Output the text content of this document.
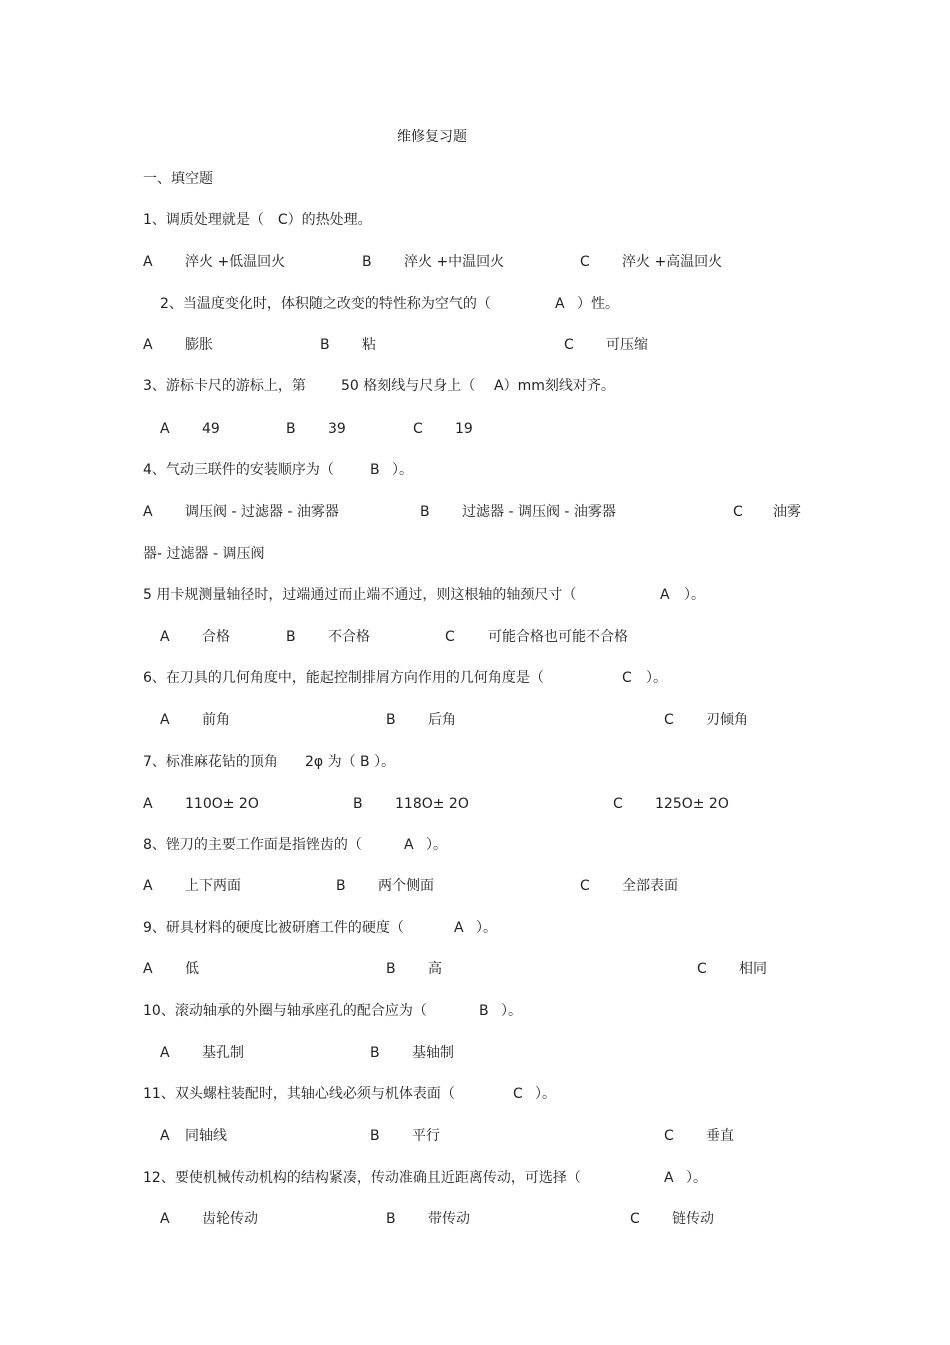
维修复习题
一、填空题
1、调质处理就是（　C）的热处理。
A 淬火 +低温回火	B 淬火 +中温回火	C 淬火 +高温回火
2、当温度变化时，体积随之改变的特性称为空气的（	A ）性。
A 膨胀	B 粘	C 可压缩
3、游标卡尺的游标上，第	50 格刻线与尺身上（ A）mm刻线对齐。
A 49	B 39	C 19
4、气动三联件的安装顺序为（	B ）。
A 调压阀 - 过滤器 - 油雾器	B 过滤器 - 调压阀 - 油雾器	C 油雾
器- 过滤器 - 调压阀
5 用卡规测量轴径时，过端通过而止端不通过，则这根轴的轴颈尺寸（	A ）。
A 合格	B 不合格	C 可能合格也可能不合格
6、在刀具的几何角度中，能起控制排屑方向作用的几何角度是（	C ）。
A 前角	B 后角	C 刃倾角
7、标准麻花钻的顶角 2φ 为（ B ）。
A 110O± 2O	B 118O± 2O	C 125O± 2O
8、锉刀的主要工作面是指锉齿的（	A ）。
A 上下两面	B 两个侧面	C 全部表面
9、研具材料的硬度比被研磨工件的硬度（	A ）。
A 低	B 高	C 相同
10、滚动轴承的外圈与轴承座孔的配合应为（	B ）。
A 基孔制	B 基轴制
11、双头螺柱装配时，其轴心线必须与机体表面（	C ）。
A 同轴线	B 平行	C 垂直
12、要使机械传动机构的结构紧凑，传动准确且近距离传动，可选择（	A ）。
A 齿轮传动	B 带传动	C 链传动
